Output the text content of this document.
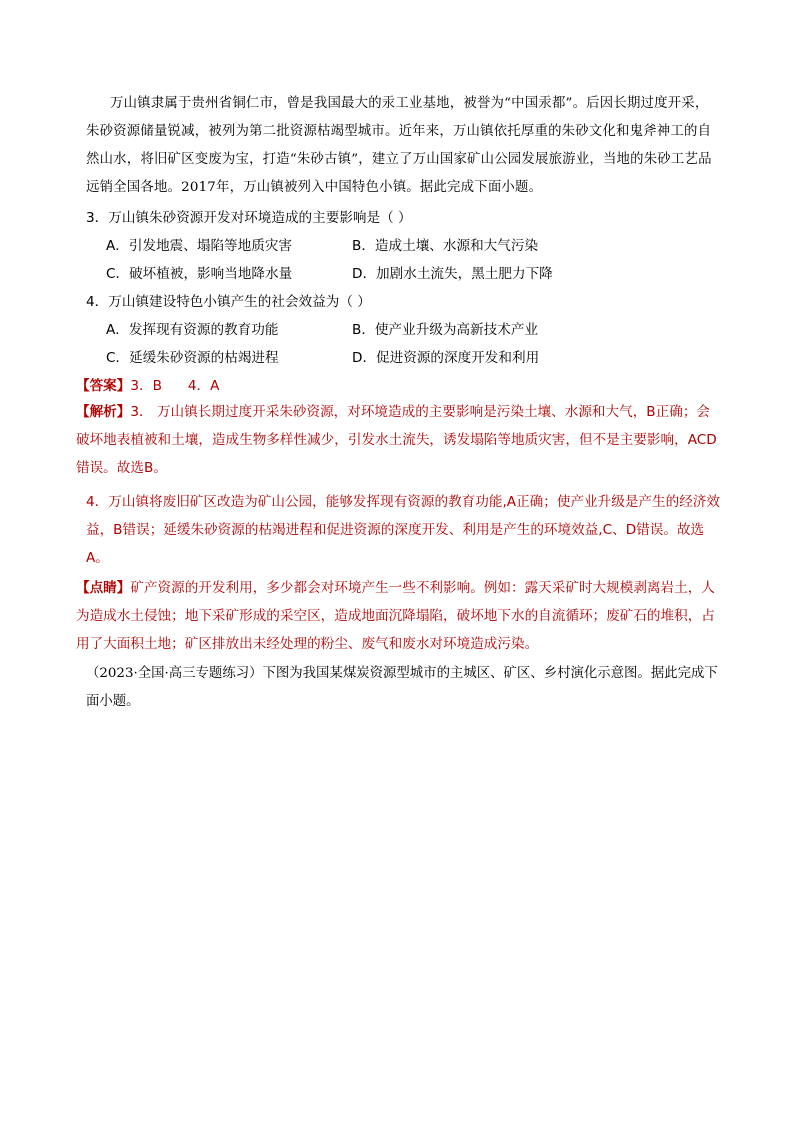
万山镇隶属于贵州省铜仁市，曾是我国最大的汞工业基地，被誉为“中国汞都”。后因长期过度开采，朱砂资源储量锐减，被列为第二批资源枯竭型城市。近年来，万山镇依托厚重的朱砂文化和鬼斧神工的自然山水，将旧矿区变废为宝，打造“朱砂古镇”，建立了万山国家矿山公园发展旅游业，当地的朱砂工艺品远销全国各地。2017年，万山镇被列入中国特色小镇。据此完成下面小题。
3．万山镇朱砂资源开发对环境造成的主要影响是（ ）
A．引发地震、塌陷等地质灾害	B．造成土壤、水源和大气污染
C．破坏植被，影响当地降水量	D．加剧水土流失，黑土肥力下降
4．万山镇建设特色小镇产生的社会效益为（ ）
A．发挥现有资源的教育功能	B．使产业升级为高新技术产业
C．延缓朱砂资源的枯竭进程	D．促进资源的深度开发和利用
【答案】3．B      4．A
【解析】3． 万山镇长期过度开采朱砂资源，对环境造成的主要影响是污染土壤、水源和大气，B正确；会破坏地表植被和土壤，造成生物多样性减少，引发水土流失，诱发塌陷等地质灾害，但不是主要影响，ACD错误。故选B。
4．万山镇将废旧矿区改造为矿山公园，能够发挥现有资源的教育功能,A正确；使产业升级是产生的经济效益，B错误；延缓朱砂资源的枯竭进程和促进资源的深度开发、利用是产生的环境效益,C、D错误。故选A。
【点睛】矿产资源的开发利用，多少都会对环境产生一些不利影响。例如：露天采矿时大规模剥离岩土，人为造成水土侵蚀；地下采矿形成的采空区，造成地面沉降塌陷，破坏地下水的自流循环；废矿石的堆积，占用了大面积土地；矿区排放出未经处理的粉尘、废气和废水对环境造成污染。
（2023·全国·高三专题练习）下图为我国某煤炭资源型城市的主城区、矿区、乡村演化示意图。据此完成下面小题。
